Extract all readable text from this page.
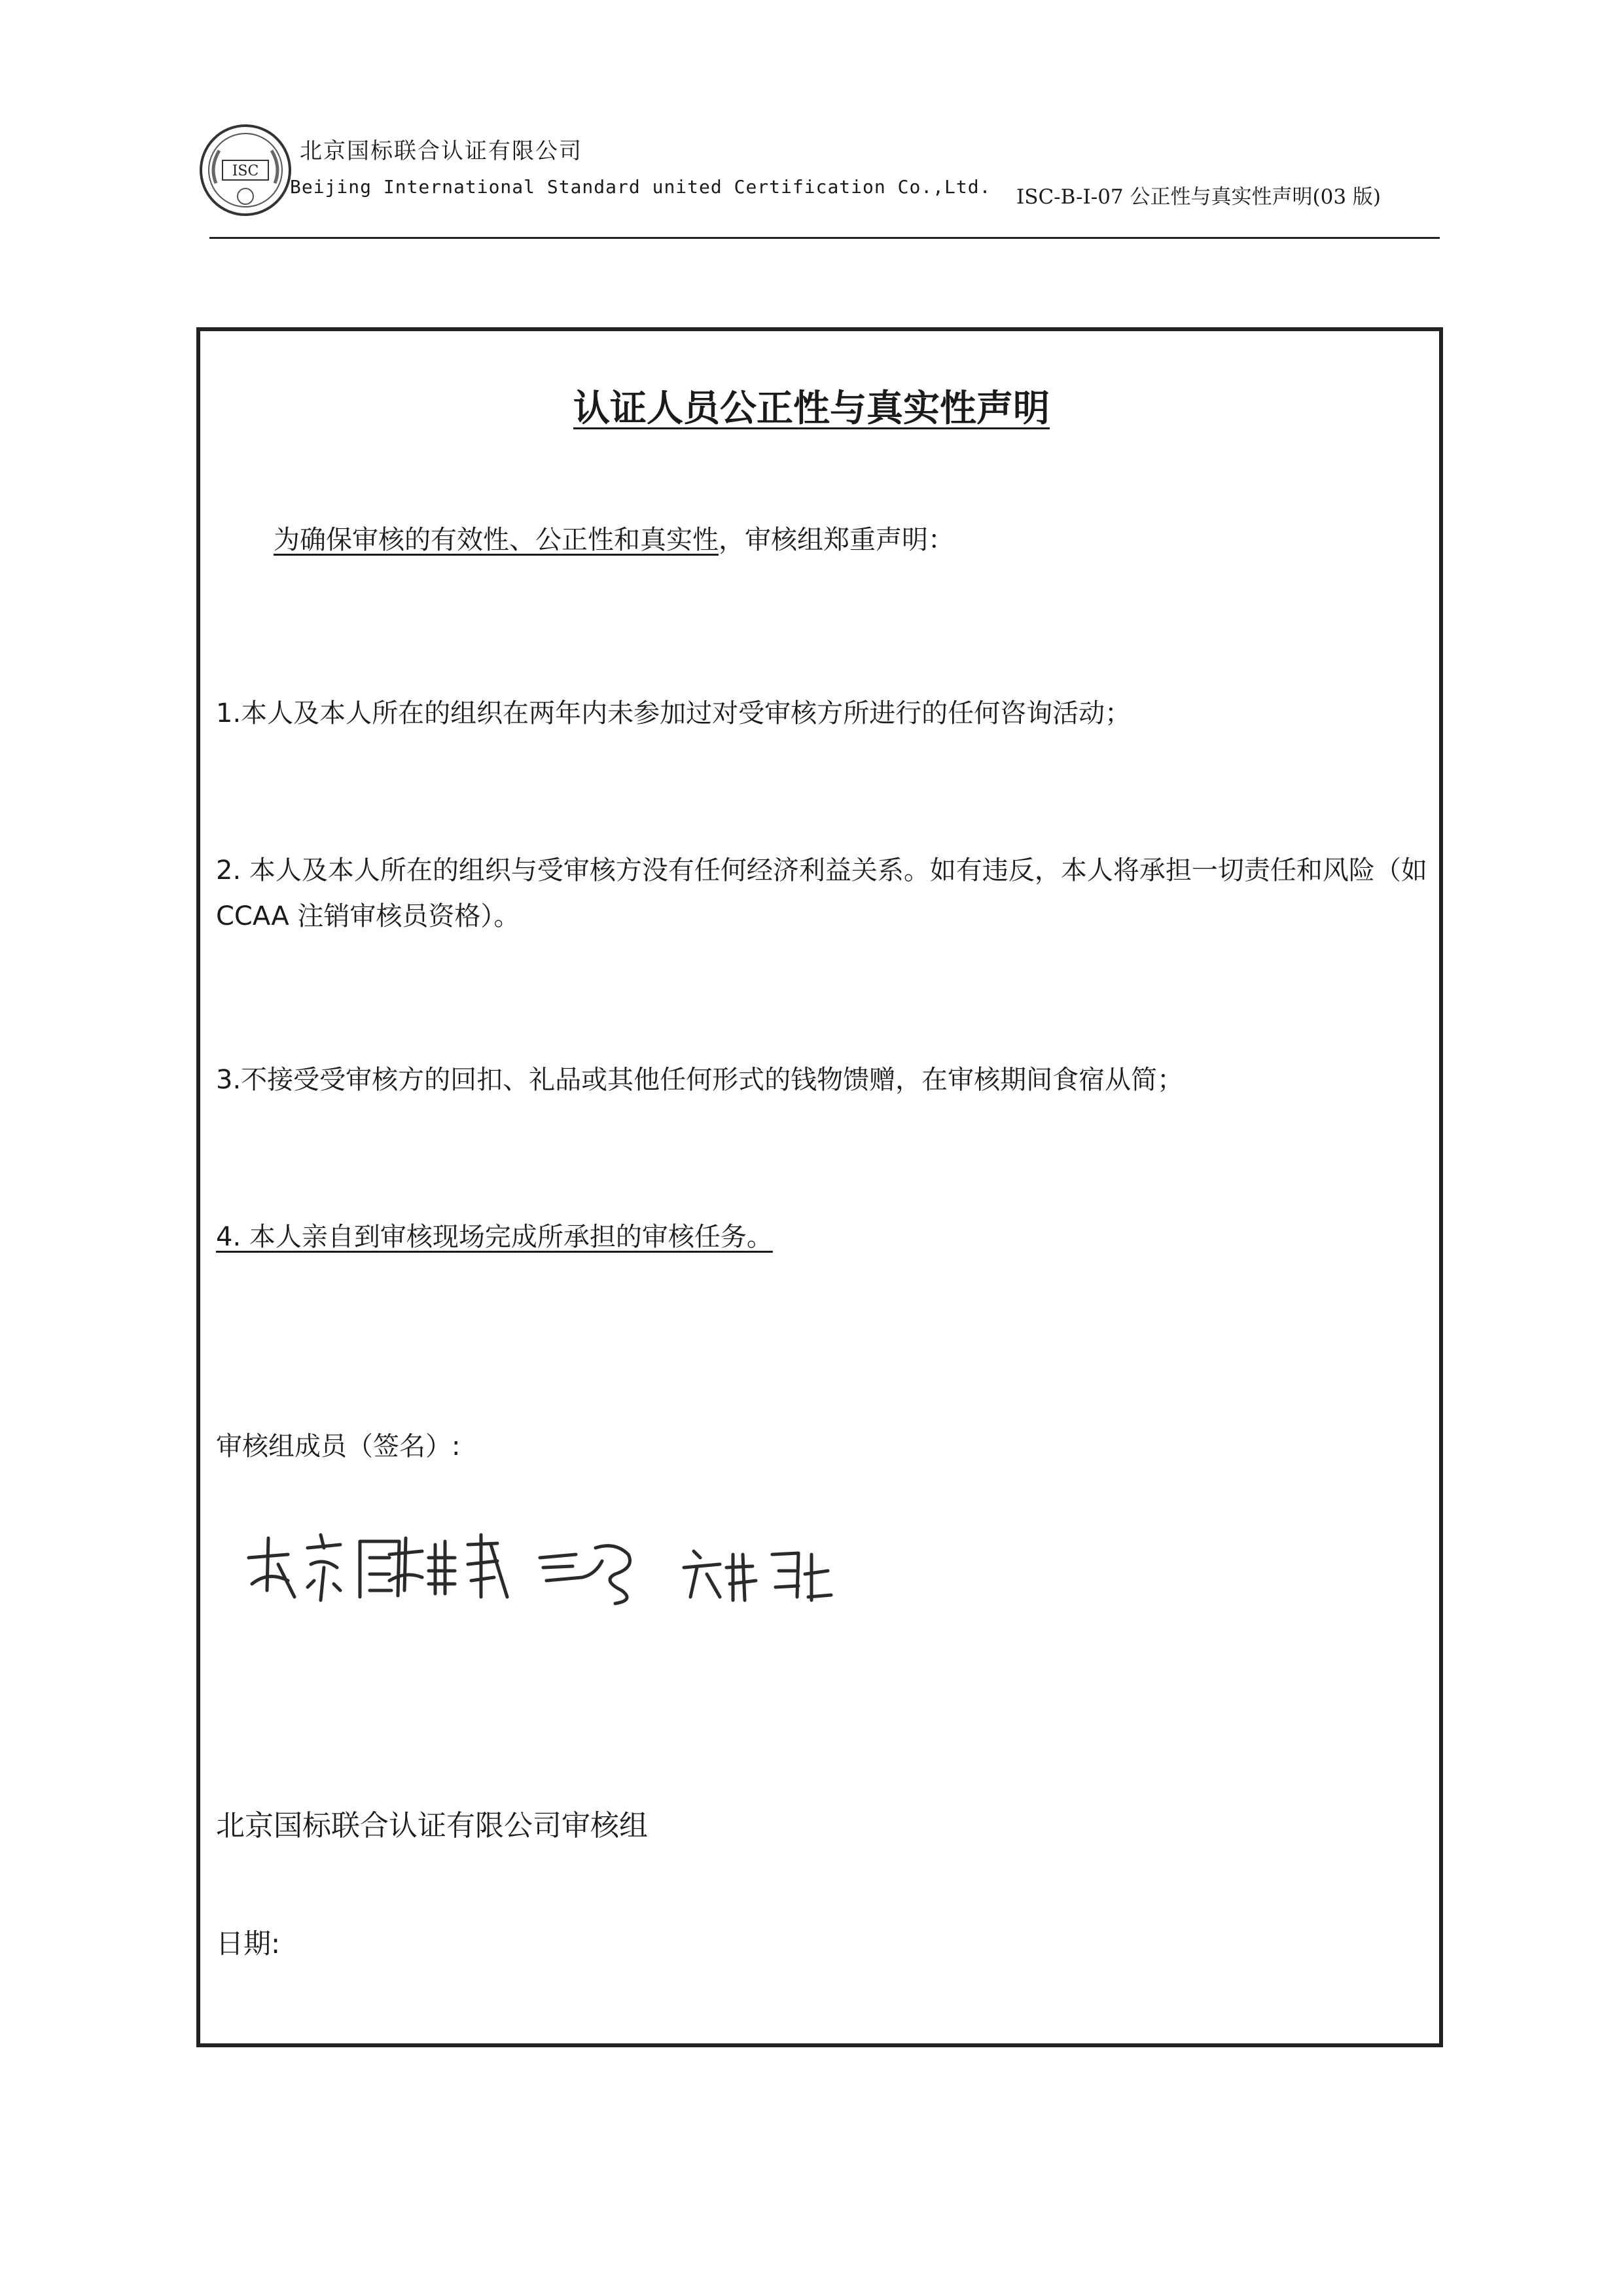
ISC
北京国标联合认证有限公司
Beijing International Standard united Certification Co.,Ltd. ISC-B-I-07 公正性与真实性声明(03 版)
认证人员公正性与真实性声明
为确保审核的有效性、公正性和真实性，审核组郑重声明：
1.本人及本人所在的组织在两年内未参加过对受审核方所进行的任何咨询活动；
2. 本人及本人所在的组织与受审核方没有任何经济利益关系。如有违反，本人将承担一切责任和风险（如 CCAA 注销审核员资格）。
3.不接受受审核方的回扣、礼品或其他任何形式的钱物馈赠，在审核期间食宿从简；
4. 本人亲自到审核现场完成所承担的审核任务。
审核组成员（签名）:
北京国标联合认证有限公司审核组
日期:
